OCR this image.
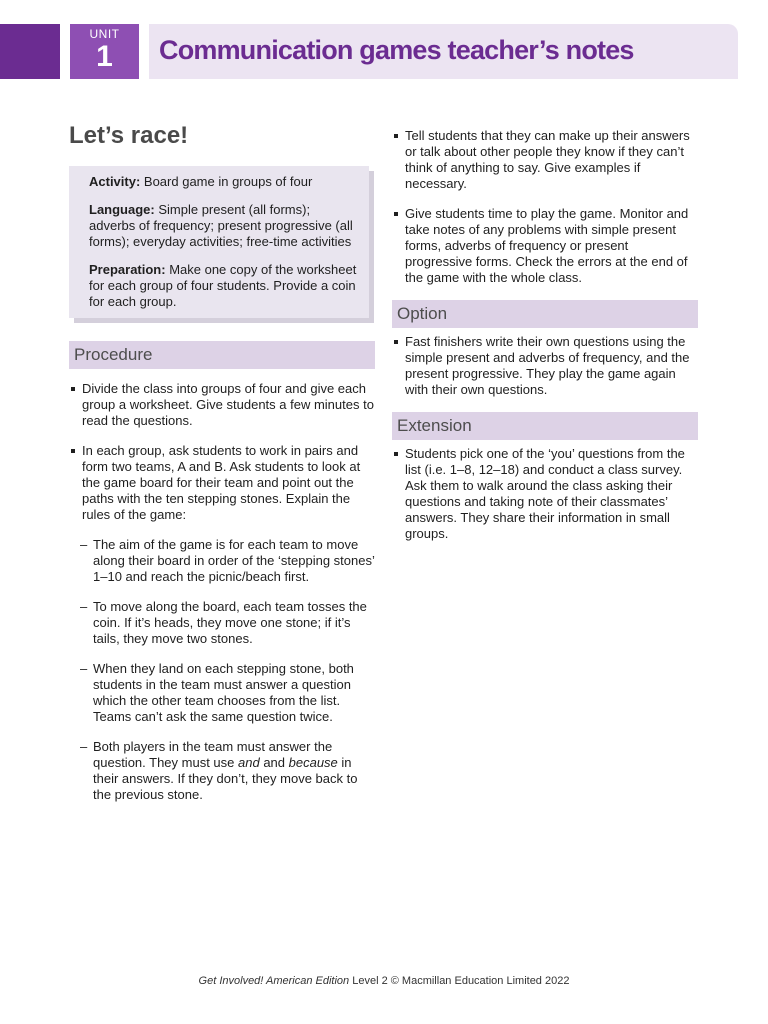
UNIT
1	Communication games teacher’s notes
Let’s race!

Activity: Board game in groups of four

Language: Simple present (all forms); adverbs of frequency; present progressive (all forms); everyday activities; free-time activities

Preparation: Make one copy of the worksheet for each group of four students. Provide a coin for each group.

Procedure
Divide the class into groups of four and give each group a worksheet. Give students a few minutes to read the questions.
In each group, ask students to work in pairs and form two teams, A and B. Ask students to look at the game board for their team and point out the paths with the ten stepping stones. Explain the rules of the game:
– The aim of the game is for each team to move along their board in order of the ‘stepping stones’ 1–10 and reach the picnic/beach first.
– To move along the board, each team tosses the coin. If it’s heads, they move one stone; if it’s tails, they move two stones.
– When they land on each stepping stone, both students in the team must answer a question which the other team chooses from the list. Teams can’t ask the same question twice.
– Both players in the team must answer the question. They must use and and because in their answers. If they don’t, they move back to the previous stone.
Tell students that they can make up their answers or talk about other people they know if they can’t think of anything to say. Give examples if necessary.
Give students time to play the game. Monitor and take notes of any problems with simple present forms, adverbs of frequency or present progressive forms. Check the errors at the end of the game with the whole class.
Option
Fast finishers write their own questions using the simple present and adverbs of frequency, and the present progressive. They play the game again with their own questions.
Extension
Students pick one of the ‘you’ questions from the list (i.e. 1–8, 12–18) and conduct a class survey. Ask them to walk around the class asking their questions and taking note of their classmates’ answers. They share their information in small groups.
Get Involved! American Edition Level 2 © Macmillan Education Limited 2022
